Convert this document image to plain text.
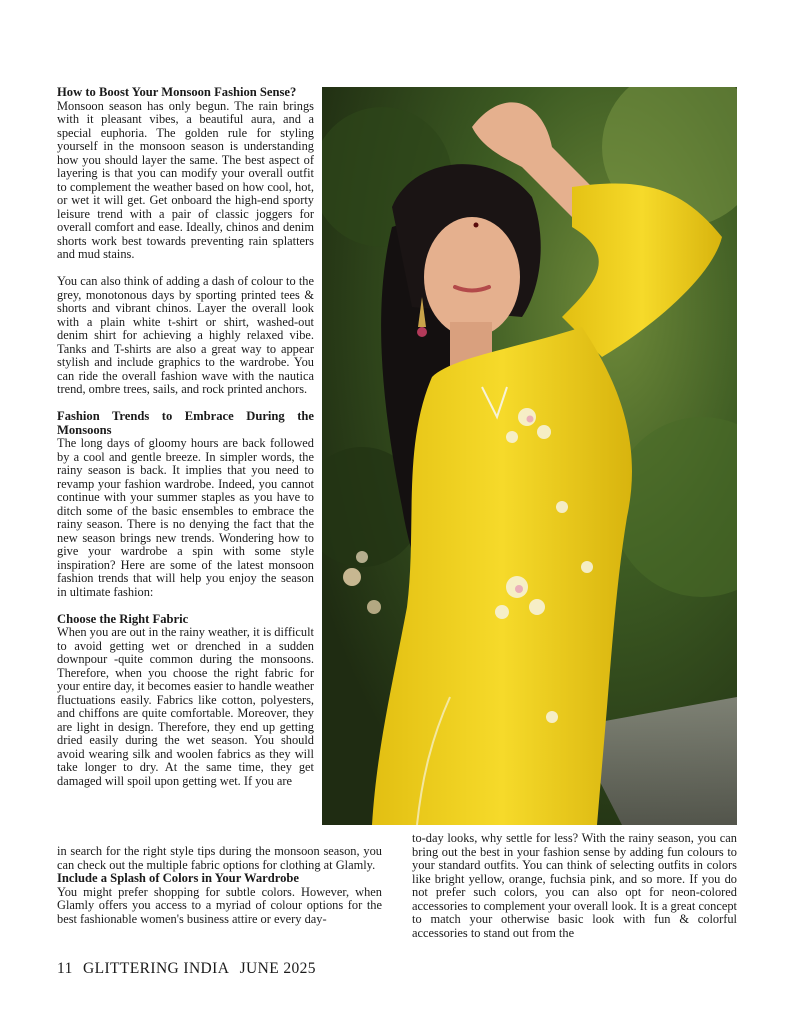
How to Boost Your Monsoon Fashion Sense?

Monsoon season has only begun. The rain brings with it pleasant vibes, a beautiful aura, and a special euphoria. The golden rule for styling yourself in the monsoon season is understanding how you should layer the same. The best aspect of layering is that you can modify your overall outfit to complement the weather based on how cool, hot, or wet it will get. Get onboard the high-end sporty leisure trend with a pair of classic joggers for overall comfort and ease. Ideally, chinos and denim shorts work best towards preventing rain splatters and mud stains.

You can also think of adding a dash of colour to the grey, monotonous days by sporting printed tees & shorts and vibrant chinos. Layer the overall look with a plain white t-shirt or shirt, washed-out denim shirt for achieving a highly relaxed vibe. Tanks and T-shirts are also a great way to appear stylish and include graphics to the wardrobe. You can ride the overall fashion wave with the nautica trend, ombre trees, sails, and rock printed anchors.

Fashion Trends to Embrace During the Monsoons

The long days of gloomy hours are back followed by a cool and gentle breeze. In simpler words, the rainy season is back. It implies that you need to revamp your fashion wardrobe. Indeed, you cannot continue with your summer staples as you have to ditch some of the basic ensembles to embrace the rainy season. There is no denying the fact that the new season brings new trends. Wondering how to give your wardrobe a spin with some style inspiration? Here are some of the latest monsoon fashion trends that will help you enjoy the season in ultimate fashion:

Choose the Right Fabric

When you are out in the rainy weather, it is difficult to avoid getting wet or drenched in a sudden downpour -quite common during the monsoons. Therefore, when you choose the right fabric for your entire day, it becomes easier to handle weather fluctuations easily. Fabrics like cotton, polyesters, and chiffons are quite comfortable. Moreover, they are light in design. Therefore, they end up getting dried easily during the wet season. You should avoid wearing silk and woolen fabrics as they will take longer to dry. At the same time, they get damaged will spoil upon getting wet. If you are

in search for the right style tips during the monsoon season, you can check out the multiple fabric options for clothing at Glamly.

Include a Splash of Colors in Your Wardrobe

You might prefer shopping for subtle colors. However, when Glamly offers you access to a myriad of colour options for the best fashionable women's business attire or every day-

to-day looks, why settle for less? With the rainy season, you can bring out the best in your fashion sense by adding fun colours to your standard outfits. You can think of selecting outfits in colors like bright yellow, orange, fuchsia pink, and so more. If you do not prefer such colors, you can also opt for neon-colored accessories to complement your overall look. It is a great concept to match your otherwise basic look with fun & colorful accessories to stand out from the

11 GLITTERING INDIA JUNE 2025
